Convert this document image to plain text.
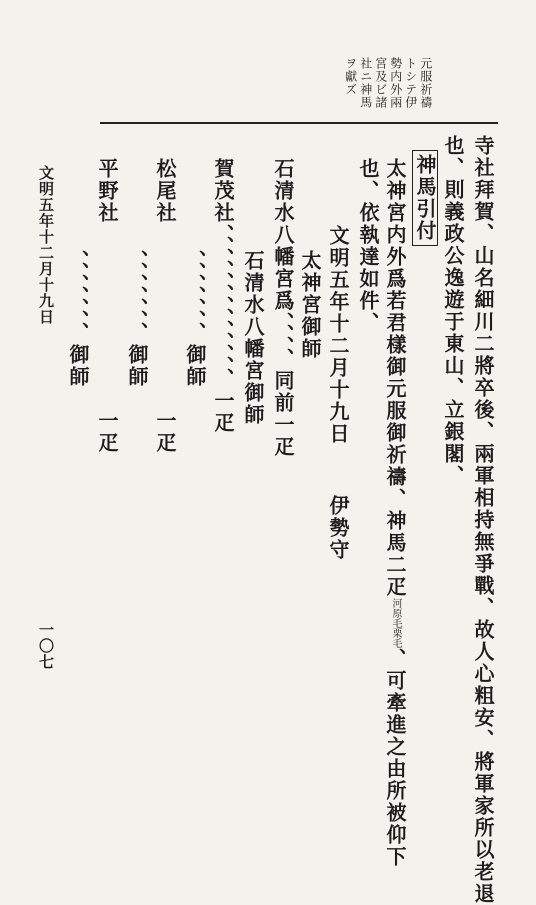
元服祈禱
トシテ伊
勢内外兩
宮及ビ諸
社ニ神馬
ヲ獻ズ
寺社拜賀、山名細川二將卒後、兩軍相持無爭戰、故人心粗安、將軍家所以老退
也、則義政公逸遊于東山、立銀閣、
神馬引付
太神宮内外爲若君樣御元服御祈禱、神馬二疋河原毛栗毛、可牽進之由所被仰下
也、依執達如件、
文明五年十二月十九日
伊勢守
太神宮御師
石清水八幡宮爲、、、、同前一疋
石清水八幡宮御師
賀茂社、、、、、、、、、、、、、一疋
、、、、、、、御師
松尾社
、、、、、、、御師
一疋
平野社
、、、、、、、御師
一疋
文明五年十二月十九日
一〇七
